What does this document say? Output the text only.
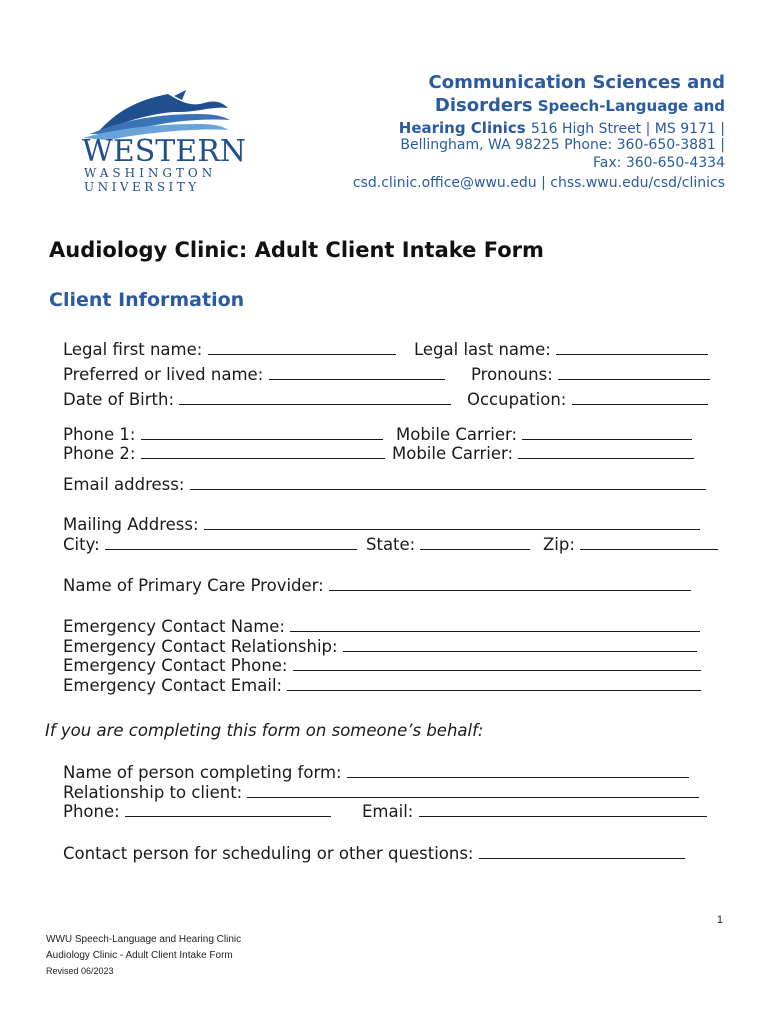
WESTERN
WASHINGTON
UNIVERSITY
Communication Sciences and
Disorders Speech-Language and
Hearing Clinics 516 High Street | MS 9171 |
Bellingham, WA 98225 Phone: 360-650-3881 |
Fax: 360-650-4334
csd.clinic.office@wwu.edu | chss.wwu.edu/csd/clinics
Audiology Clinic: Adult Client Intake Form
Client Information
Legal first name:	Legal last name:
Preferred or lived name:	Pronouns:
Date of Birth:	Occupation:
Phone 1:	Mobile Carrier:
Phone 2:	Mobile Carrier:
Email address:
Mailing Address:
City:	State:	Zip:
Name of Primary Care Provider:
Emergency Contact Name:
Emergency Contact Relationship:
Emergency Contact Phone:
Emergency Contact Email:
If you are completing this form on someone’s behalf:
Name of person completing form:
Relationship to client:
Phone:	Email:
Contact person for scheduling or other questions:
1
WWU Speech-Language and Hearing Clinic
Audiology Clinic - Adult Client Intake Form
Revised 06/2023
